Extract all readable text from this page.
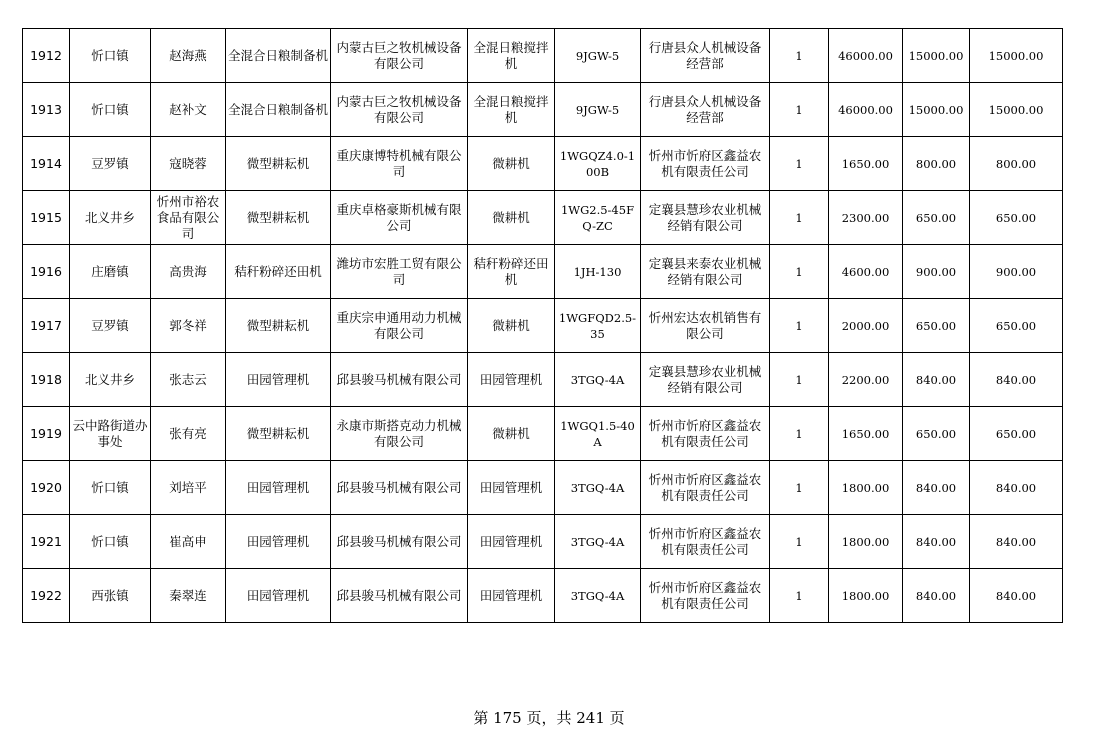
1912	忻口镇	赵海燕	全混合日粮制备机	内蒙古巨之牧机械设备有限公司	全混日粮搅拌机	9JGW-5	行唐县众人机械设备经营部	1	46000.00	15000.00	15000.00
1913	忻口镇	赵补文	全混合日粮制备机	内蒙古巨之牧机械设备有限公司	全混日粮搅拌机	9JGW-5	行唐县众人机械设备经营部	1	46000.00	15000.00	15000.00
1914	豆罗镇	寇晓蓉	微型耕耘机	重庆康博特机械有限公司	微耕机	1WGQZ4.0-100B	忻州市忻府区鑫益农机有限责任公司	1	1650.00	800.00	800.00
1915	北义井乡	忻州市裕农食品有限公司	微型耕耘机	重庆卓格豪斯机械有限公司	微耕机	1WG2.5-45FQ-ZC	定襄县慧珍农业机械经销有限公司	1	2300.00	650.00	650.00
1916	庄磨镇	高贵海	秸秆粉碎还田机	潍坊市宏胜工贸有限公司	秸秆粉碎还田机	1JH-130	定襄县来泰农业机械经销有限公司	1	4600.00	900.00	900.00
1917	豆罗镇	郭冬祥	微型耕耘机	重庆宗申通用动力机械有限公司	微耕机	1WGFQD2.5-35	忻州宏达农机销售有限公司	1	2000.00	650.00	650.00
1918	北义井乡	张志云	田园管理机	邱县骏马机械有限公司	田园管理机	3TGQ-4A	定襄县慧珍农业机械经销有限公司	1	2200.00	840.00	840.00
1919	云中路街道办事处	张有亮	微型耕耘机	永康市斯搭克动力机械有限公司	微耕机	1WGQ1.5-40A	忻州市忻府区鑫益农机有限责任公司	1	1650.00	650.00	650.00
1920	忻口镇	刘培平	田园管理机	邱县骏马机械有限公司	田园管理机	3TGQ-4A	忻州市忻府区鑫益农机有限责任公司	1	1800.00	840.00	840.00
1921	忻口镇	崔高申	田园管理机	邱县骏马机械有限公司	田园管理机	3TGQ-4A	忻州市忻府区鑫益农机有限责任公司	1	1800.00	840.00	840.00
1922	西张镇	秦翠连	田园管理机	邱县骏马机械有限公司	田园管理机	3TGQ-4A	忻州市忻府区鑫益农机有限责任公司	1	1800.00	840.00	840.00
第 175 页，共 241 页
